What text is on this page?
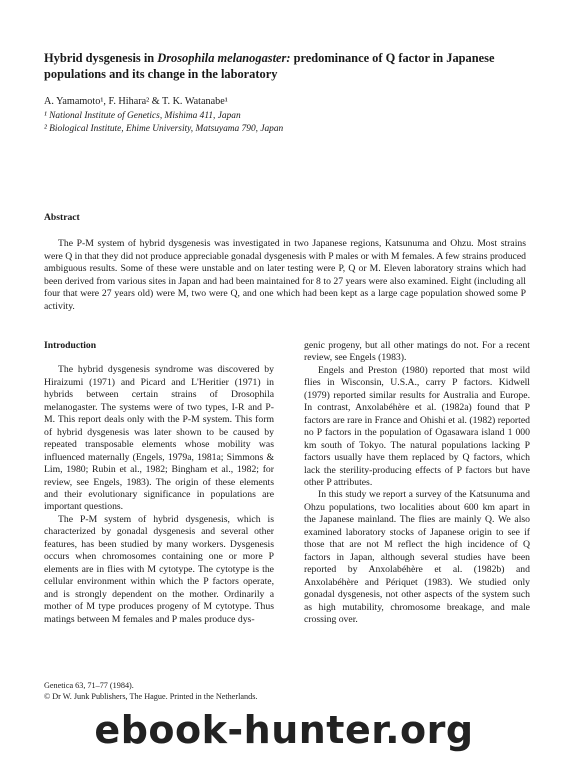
Hybrid dysgenesis in Drosophila melanogaster: predominance of Q factor in Japanese populations and its change in the laboratory
A. Yamamoto¹, F. Hihara² & T. K. Watanabe¹
¹ National Institute of Genetics, Mishima 411, Japan
² Biological Institute, Ehime University, Matsuyama 790, Japan
Abstract
The P-M system of hybrid dysgenesis was investigated in two Japanese regions, Katsunuma and Ohzu. Most strains were Q in that they did not produce appreciable gonadal dysgenesis with P males or with M females. A few strains produced ambiguous results. Some of these were unstable and on later testing were P, Q or M. Eleven laboratory strains which had been derived from various sites in Japan and had been maintained for 8 to 27 years were also examined. Eight (including all four that were 27 years old) were M, two were Q, and one which had been kept as a large cage population showed some P activity.
Introduction

The hybrid dysgenesis syndrome was discovered by Hiraizumi (1971) and Picard and L'Heritier (1971) in hybrids between certain strains of Drosophila melanogaster. The systems were of two types, I-R and P-M. This report deals only with the P-M system. This form of hybrid dysgenesis was later shown to be caused by repeated transposable elements whose mobility was influenced maternally (Engels, 1979a, 1981a; Simmons & Lim, 1980; Rubin et al., 1982; Bingham et al., 1982; for review, see Engels, 1983). The origin of these elements and their evolutionary significance in populations are important questions.

The P-M system of hybrid dysgenesis, which is characterized by gonadal dysgenesis and several other features, has been studied by many workers. Dysgenesis occurs when chromosomes containing one or more P elements are in flies with M cytotype. The cytotype is the cellular environment within which the P factors operate, and is strongly dependent on the mother. Ordinarily a mother of M type produces progeny of M cytotype. Thus matings between M females and P males produce dys-

genic progeny, but all other matings do not. For a recent review, see Engels (1983).

Engels and Preston (1980) reported that most wild flies in Wisconsin, U.S.A., carry P factors. Kidwell (1979) reported similar results for Australia and Europe. In contrast, Anxolabéhère et al. (1982a) found that P factors are rare in France and Ohishi et al. (1982) reported no P factors in the population of Ogasawara island 1 000 km south of Tokyo. The natural populations lacking P factors usually have them replaced by Q factors, which lack the sterility-producing effects of P factors but have other P attributes.

In this study we report a survey of the Katsunuma and Ohzu populations, two localities about 600 km apart in the Japanese mainland. The flies are mainly Q. We also examined laboratory stocks of Japanese origin to see if those that are not M reflect the high incidence of Q factors in Japan, although several studies have been reported by Anxolabéhère et al. (1982b) and Anxolabéhère and Périquet (1983). We studied only gonadal dysgenesis, not other aspects of the system such as high mutability, chromosome breakage, and male crossing over.

Genetica 63, 71–77 (1984).
© Dr W. Junk Publishers, The Hague. Printed in the Netherlands.
ebook-hunter.org
